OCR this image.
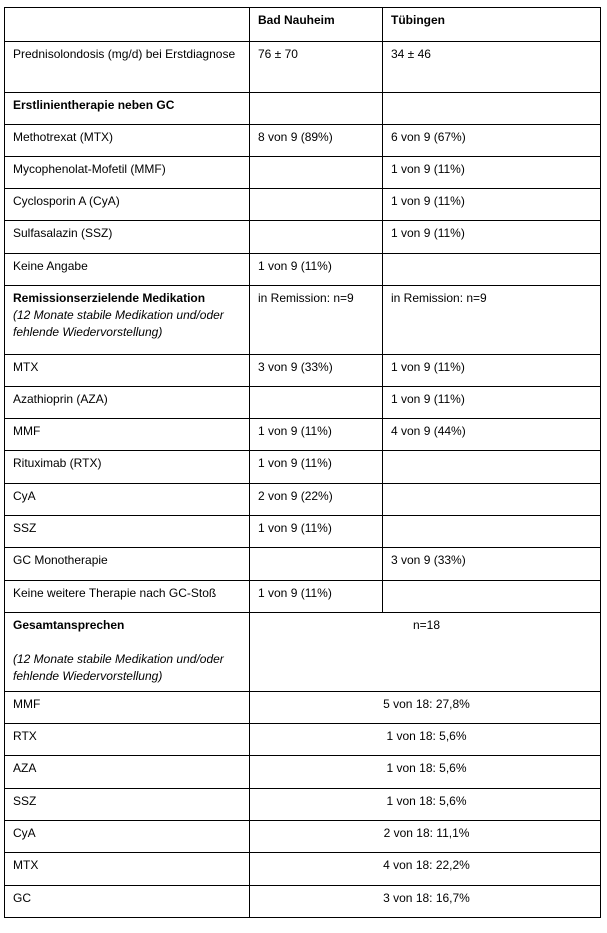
	Bad Nauheim	Tübingen
Prednisolondosis (mg/d) bei Erstdiagnose	76 ± 70	34 ± 46
Erstlinientherapie neben GC		
Methotrexat (MTX)	8 von 9 (89%)	6 von 9 (67%)
Mycophenolat-Mofetil (MMF)		1 von 9 (11%)
Cyclosporin A (CyA)		1 von 9 (11%)
Sulfasalazin (SSZ)		1 von 9 (11%)
Keine Angabe	1 von 9 (11%)	
Remissionserzielende Medikation
(12 Monate stabile Medikation und/oder fehlende Wiedervorstellung)	in Remission: n=9	in Remission: n=9
MTX	3 von 9 (33%)	1 von 9 (11%)
Azathioprin (AZA)		1 von 9 (11%)
MMF	1 von 9 (11%)	4 von 9 (44%)
Rituximab (RTX)	1 von 9 (11%)	
CyA	2 von 9 (22%)	
SSZ	1 von 9 (11%)	
GC Monotherapie		3 von 9 (33%)
Keine weitere Therapie nach GC-Stoß	1 von 9 (11%)	
Gesamtansprechen

(12 Monate stabile Medikation und/oder fehlende Wiedervorstellung)	n=18	
MMF	5 von 18: 27,8%	
RTX	1 von 18: 5,6%	
AZA	1 von 18: 5,6%	
SSZ	1 von 18: 5,6%	
CyA	2 von 18: 11,1%	
MTX	4 von 18: 22,2%	
GC	3 von 18: 16,7%	
